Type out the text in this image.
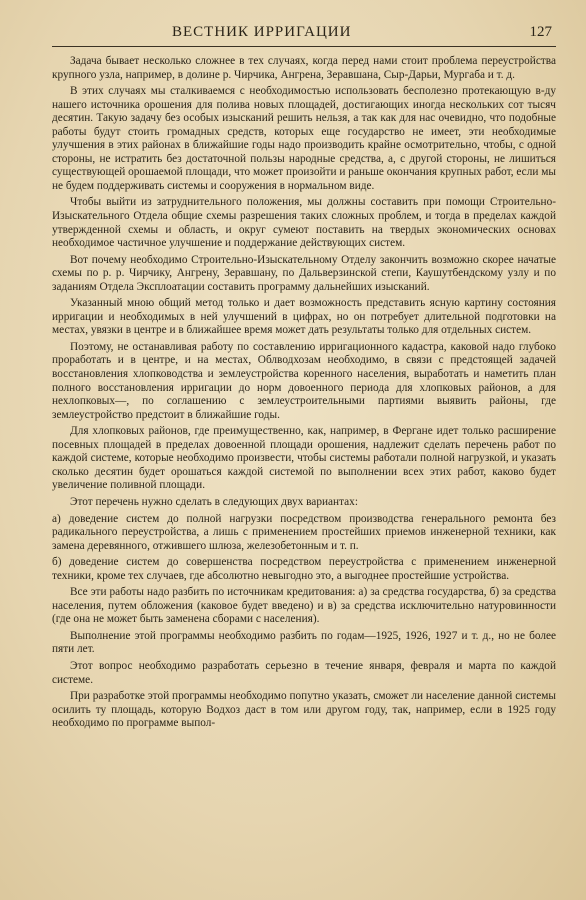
ВЕСТНИК ИРРИГАЦИИ	127

Задача бывает несколько сложнее в тех случаях, когда перед нами стоит проблема переустройства крупного узла, например, в долине р. Чирчика, Ангрена, Зеравшана, Сыр-Дарьи, Мургаба и т. д.

В этих случаях мы сталкиваемся с необходимостью использовать бесполезно протекающую в-ду нашего источника орошения для полива новых площадей, достигающих иногда нескольких сот тысяч десятин. Такую задачу без особых изысканий решить нельзя, а так как для нас очевидно, что подобные работы будут стоить громадных средств, которых еще государство не имеет, эти необходимые улучшения в этих районах в ближайшие годы надо производить крайне осмотрительно, чтобы, с одной стороны, не истратить без достаточной пользы народные средства, а, с другой стороны, не лишиться существующей орошаемой площади, что может произойти и раньше окончания крупных работ, если мы не будем поддерживать системы и сооружения в нормальном виде.

Чтобы выйти из затруднительного положения, мы должны составить при помощи Строительно-Изыскательного Отдела общие схемы разрешения таких сложных проблем, и тогда в пределах каждой утвержденной схемы и область, и округ сумеют поставить на твердых экономических основах необходимое частичное улучшение и поддержание действующих систем.

Вот почему необходимо Строительно-Изыскательному Отделу закончить возможно скорее начатые схемы по р. р. Чирчику, Ангрену, Зеравшану, по Дальверзинской степи, Каушутбендскому узлу и по заданиям Отдела Эксплоатации составить программу дальнейших изысканий.

Указанный мною общий метод только и дает возможность представить ясную картину состояния ирригации и необходимых в ней улучшений в цифрах, но он потребует длительной подготовки на местах, увязки в центре и в ближайшее время может дать результаты только для отдельных систем.

Поэтому, не останавливая работу по составлению ирригационного кадастра, каковой надо глубоко проработать и в центре, и на местах, Облводхозам необходимо, в связи с предстоящей задачей восстановления хлопководства и землеустройства коренного населения, выработать и наметить план полного восстановления ирригации до норм довоенного периода для хлопковых районов, а для нехлопковых—, по соглашению с землеустроительными партиями выявить районы, где землеустройство предстоит в ближайшие годы.

Для хлопковых районов, где преимущественно, как, например, в Фергане идет только расширение посевных площадей в пределах довоенной площади орошения, надлежит сделать перечень работ по каждой системе, которые необходимо произвести, чтобы системы работали полной нагрузкой, и указать сколько десятин будет орошаться каждой системой по выполнении всех этих работ, каково будет увеличение поливной площади.

Этот перечень нужно сделать в следующих двух вариантах:

а) доведение систем до полной нагрузки посредством производства генерального ремонта без радикального переустройства, а лишь с применением простейших приемов инженерной техники, как замена деревянного, отжившего шлюза, железобетонным и т. п.

б) доведение систем до совершенства посредством переустройства с применением инженерной техники, кроме тех случаев, где абсолютно невыгодно это, а выгоднее простейшие устройства.

Все эти работы надо разбить по источникам кредитования: а) за средства государства, б) за средства населения, путем обложения (каковое будет введено) и в) за средства исключительно натуровинности (где она не может быть заменена сборами с населения).

Выполнение этой программы необходимо разбить по годам—1925, 1926, 1927 и т. д., но не более пяти лет.

Этот вопрос необходимо разработать серьезно в течение января, февраля и марта по каждой системе.

При разработке этой программы необходимо попутно указать, сможет ли население данной системы осилить ту площадь, которую Водхоз даст в том или другом году, так, например, если в 1925 году необходимо по программе выпол-
